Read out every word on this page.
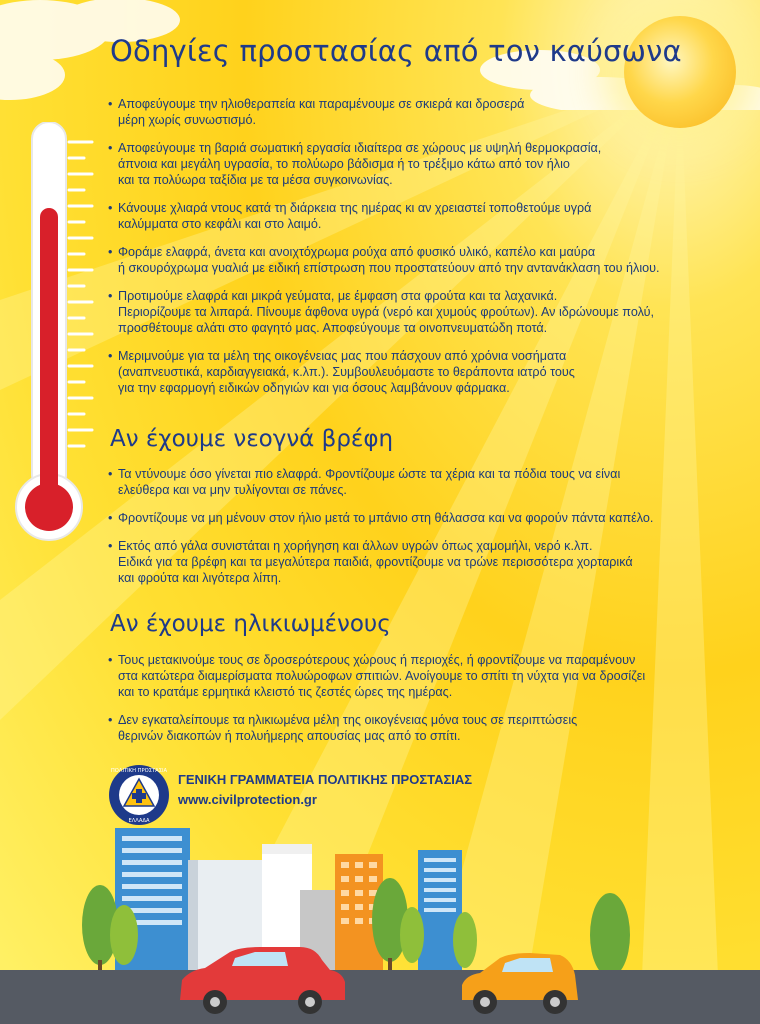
Οδηγίες προστασίας από τον καύσωνα
• Αποφεύγουμε την ηλιοθεραπεία και παραμένουμε σε σκιερά και δροσερά
μέρη χωρίς συνωστισμό.
• Αποφεύγουμε τη βαριά σωματική εργασία ιδιαίτερα σε χώρους με υψηλή θερμοκρασία,
άπνοια και μεγάλη υγρασία, το πολύωρο βάδισμα ή το τρέξιμο κάτω από τον ήλιο
και τα πολύωρα ταξίδια με τα μέσα συγκοινωνίας.
• Κάνουμε χλιαρά ντους κατά τη διάρκεια της ημέρας κι αν χρειαστεί τοποθετούμε υγρά
καλύμματα στο κεφάλι και στο λαιμό.
• Φοράμε ελαφρά, άνετα και ανοιχτόχρωμα ρούχα από φυσικό υλικό, καπέλο και μαύρα
ή σκουρόχρωμα γυαλιά με ειδική επίστρωση που προστατεύουν από την αντανάκλαση του ήλιου.
• Προτιμούμε ελαφρά και μικρά γεύματα, με έμφαση στα φρούτα και τα λαχανικά.
Περιορίζουμε τα λιπαρά. Πίνουμε άφθονα υγρά (νερό και χυμούς φρούτων). Αν ιδρώνουμε πολύ,
προσθέτουμε αλάτι στο φαγητό μας. Αποφεύγουμε τα οινοπνευματώδη ποτά.
• Μεριμνούμε για τα μέλη της οικογένειας μας που πάσχουν από χρόνια νοσήματα
(αναπνευστικά, καρδιαγγειακά, κ.λπ.). Συμβουλευόμαστε το θεράποντα ιατρό τους
για την εφαρμογή ειδικών οδηγιών και για όσους λαμβάνουν φάρμακα.
Αν έχουμε νεογνά βρέφη
• Τα ντύνουμε όσο γίνεται πιο ελαφρά. Φροντίζουμε ώστε τα χέρια και τα πόδια τους να είναι
ελεύθερα και να μην τυλίγονται σε πάνες.
• Φροντίζουμε να μη μένουν στον ήλιο μετά το μπάνιο στη θάλασσα και να φορούν πάντα καπέλο.
• Εκτός από γάλα συνιστάται η χορήγηση και άλλων υγρών όπως χαμομήλι, νερό κ.λπ.
Ειδικά για τα βρέφη και τα μεγαλύτερα παιδιά, φροντίζουμε να τρώνε περισσότερα χορταρικά
και φρούτα και λιγότερα λίπη.
Αν έχουμε ηλικιωμένους
• Τους μετακινούμε τους σε δροσερότερους χώρους ή περιοχές, ή φροντίζουμε να παραμένουν
στα κατώτερα διαμερίσματα πολυώροφων σπιτιών. Ανοίγουμε το σπίτι τη νύχτα για να δροσίζει
και το κρατάμε ερμητικά κλειστό τις ζεστές ώρες της ημέρας.
• Δεν εγκαταλείπουμε τα ηλικιωμένα μέλη της οικογένειας μόνα τους σε περιπτώσεις
θερινών διακοπών ή πολυήμερης απουσίας μας από το σπίτι.
ΠΟΛΙΤΙΚΗ ΠΡΟΣΤΑΣΙΑ
ΕΛΛΑΔΑ
ΓΕΝΙΚΗ ΓΡΑΜΜΑΤΕΙΑ ΠΟΛΙΤΙΚΗΣ ΠΡΟΣΤΑΣΙΑΣ
www.civilprotection.gr
